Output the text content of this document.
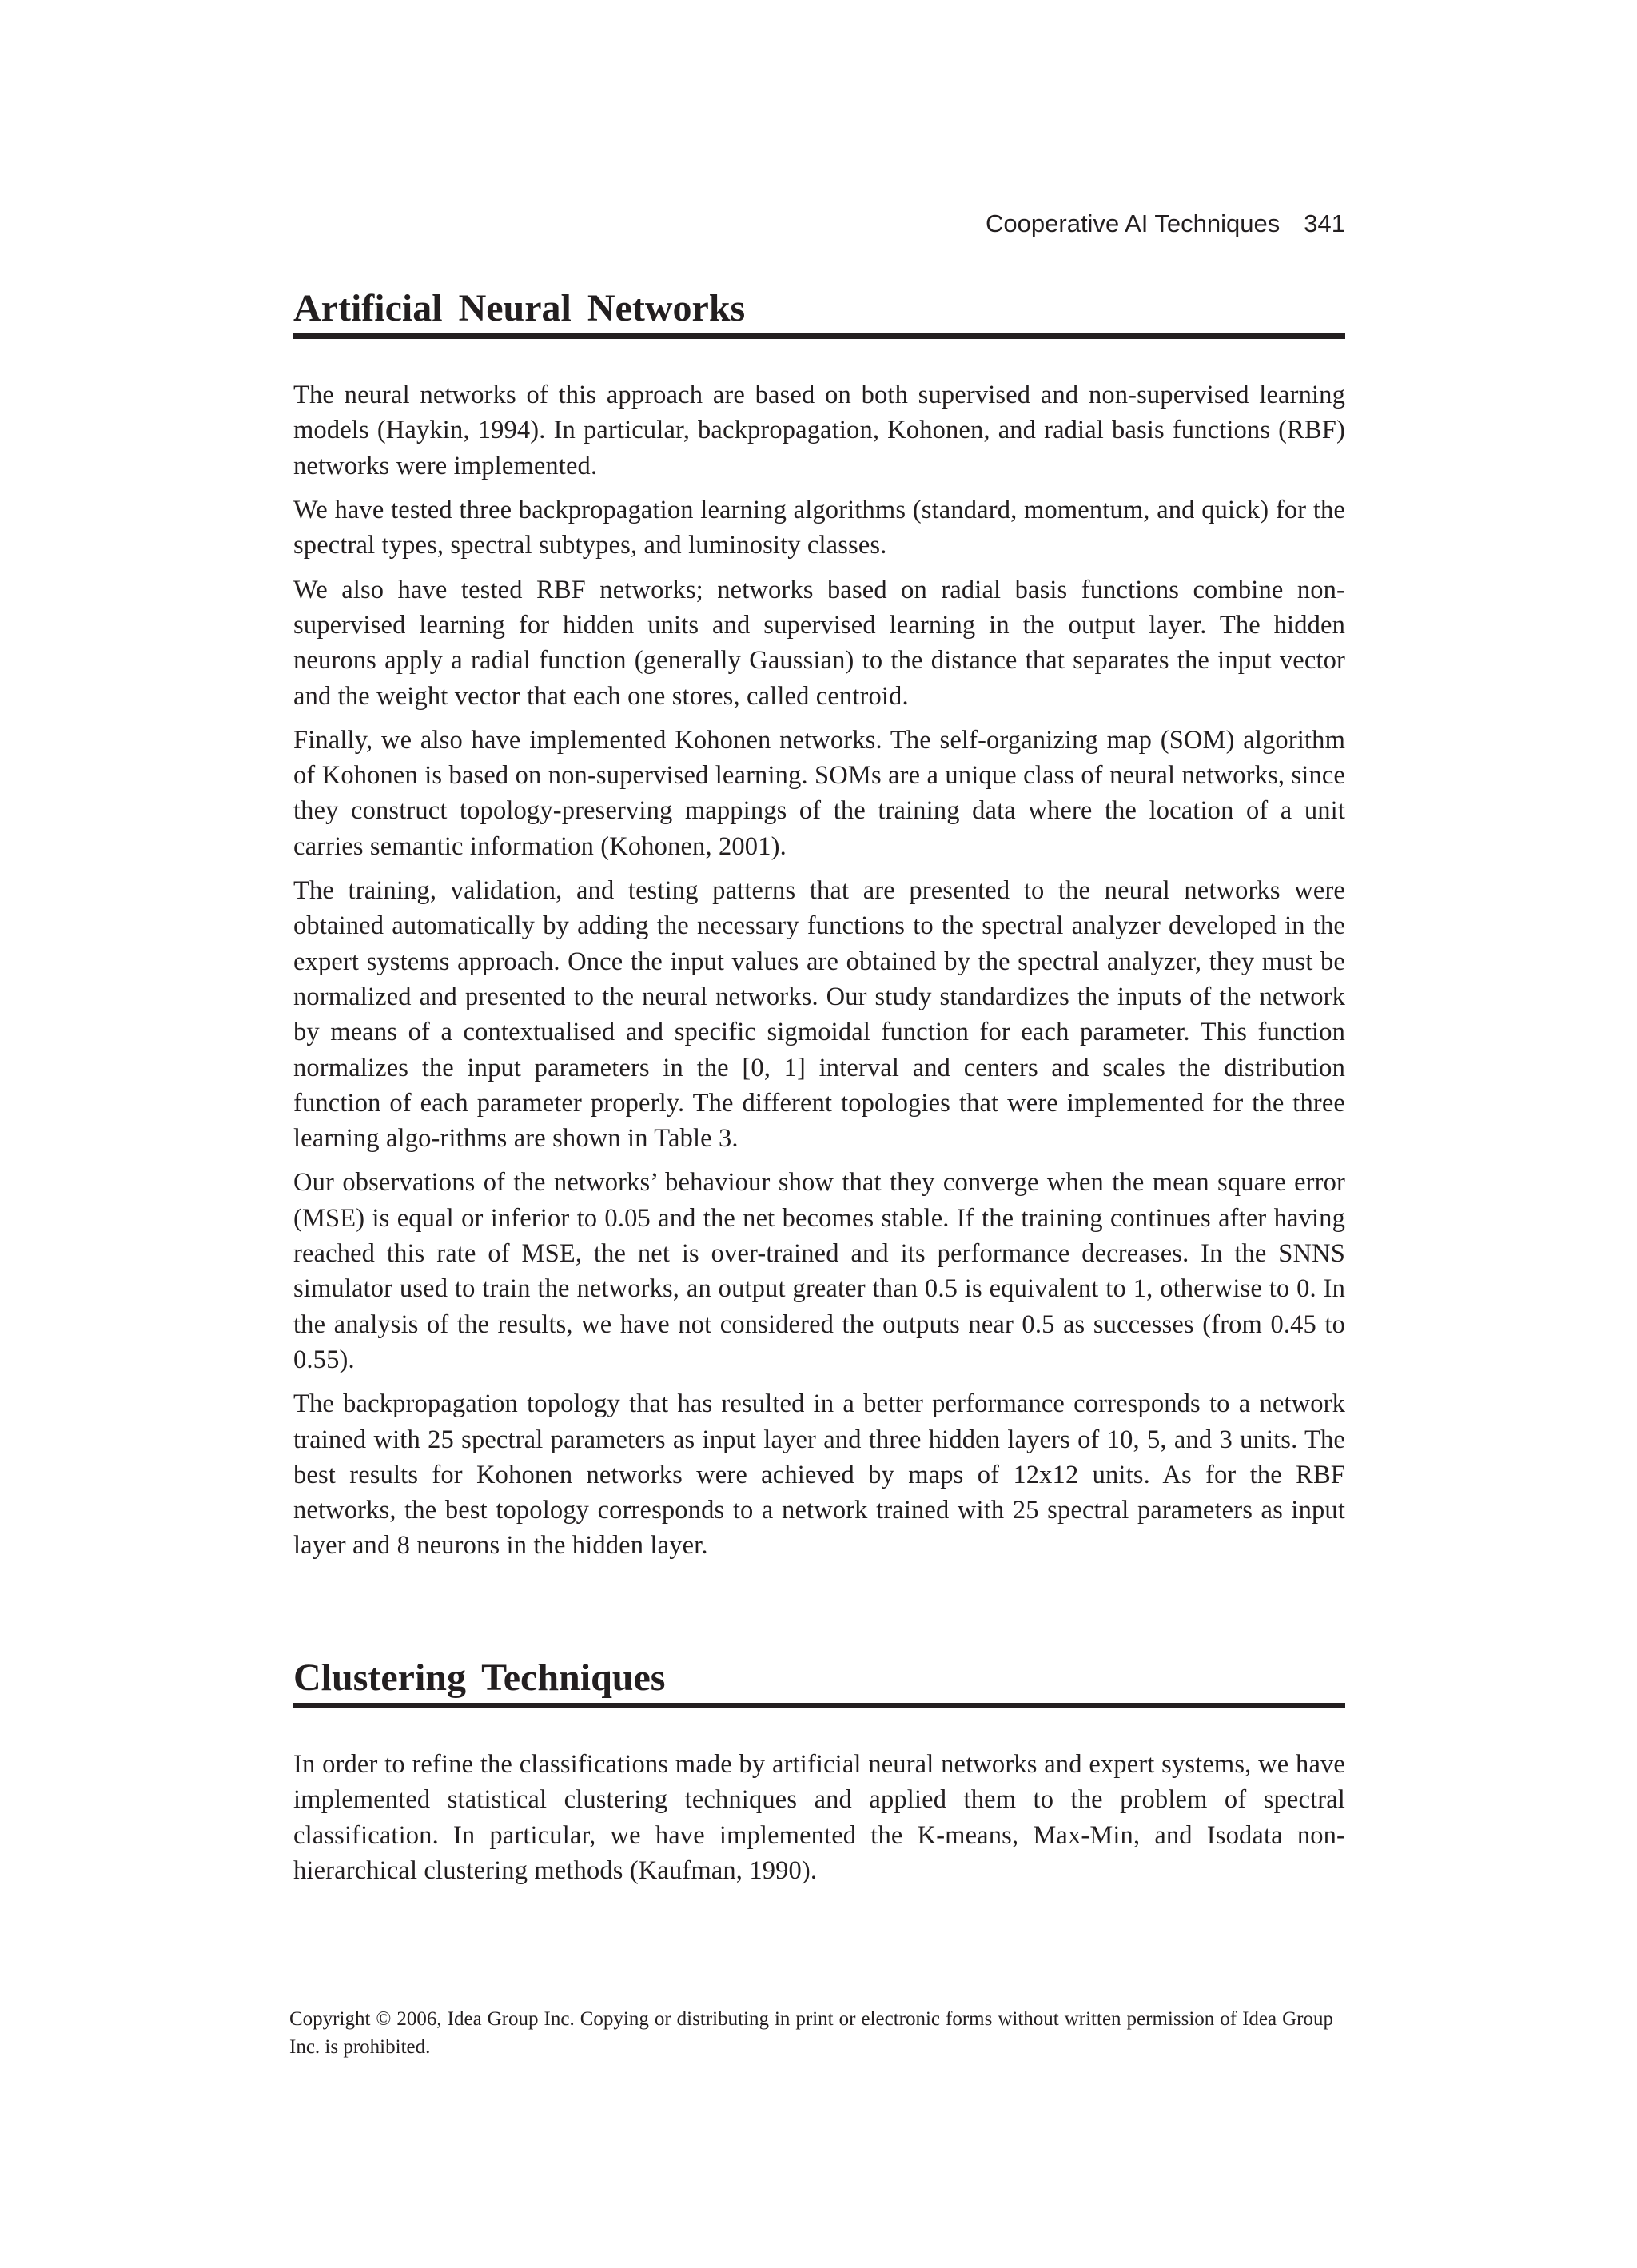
Cooperative AI Techniques 341
Artificial Neural Networks

The neural networks of this approach are based on both supervised and non-supervised learning models (Haykin, 1994). In particular, backpropagation, Kohonen, and radial basis functions (RBF) networks were implemented.

We have tested three backpropagation learning algorithms (standard, momentum, and quick) for the spectral types, spectral subtypes, and luminosity classes.

We also have tested RBF networks; networks based on radial basis functions combine non-supervised learning for hidden units and supervised learning in the output layer. The hidden neurons apply a radial function (generally Gaussian) to the distance that separates the input vector and the weight vector that each one stores, called centroid.

Finally, we also have implemented Kohonen networks. The self-organizing map (SOM) algorithm of Kohonen is based on non-supervised learning. SOMs are a unique class of neural networks, since they construct topology-preserving mappings of the training data where the location of a unit carries semantic information (Kohonen, 2001).

The training, validation, and testing patterns that are presented to the neural networks were obtained automatically by adding the necessary functions to the spectral analyzer developed in the expert systems approach. Once the input values are obtained by the spectral analyzer, they must be normalized and presented to the neural networks. Our study standardizes the inputs of the network by means of a contextualised and specific sigmoidal function for each parameter. This function normalizes the input parameters in the [0, 1] interval and centers and scales the distribution function of each parameter properly. The different topologies that were implemented for the three learning algo-rithms are shown in Table 3.

Our observations of the networks’ behaviour show that they converge when the mean square error (MSE) is equal or inferior to 0.05 and the net becomes stable. If the training continues after having reached this rate of MSE, the net is over-trained and its performance decreases. In the SNNS simulator used to train the networks, an output greater than 0.5 is equivalent to 1, otherwise to 0. In the analysis of the results, we have not considered the outputs near 0.5 as successes (from 0.45 to 0.55).

The backpropagation topology that has resulted in a better performance corresponds to a network trained with 25 spectral parameters as input layer and three hidden layers of 10, 5, and 3 units. The best results for Kohonen networks were achieved by maps of 12x12 units. As for the RBF networks, the best topology corresponds to a network trained with 25 spectral parameters as input layer and 8 neurons in the hidden layer.

Clustering Techniques

In order to refine the classifications made by artificial neural networks and expert systems, we have implemented statistical clustering techniques and applied them to the problem of spectral classification. In particular, we have implemented the K-means, Max-Min, and Isodata non-hierarchical clustering methods (Kaufman, 1990).

Copyright © 2006, Idea Group Inc. Copying or distributing in print or electronic forms without written permission of Idea Group Inc. is prohibited.
